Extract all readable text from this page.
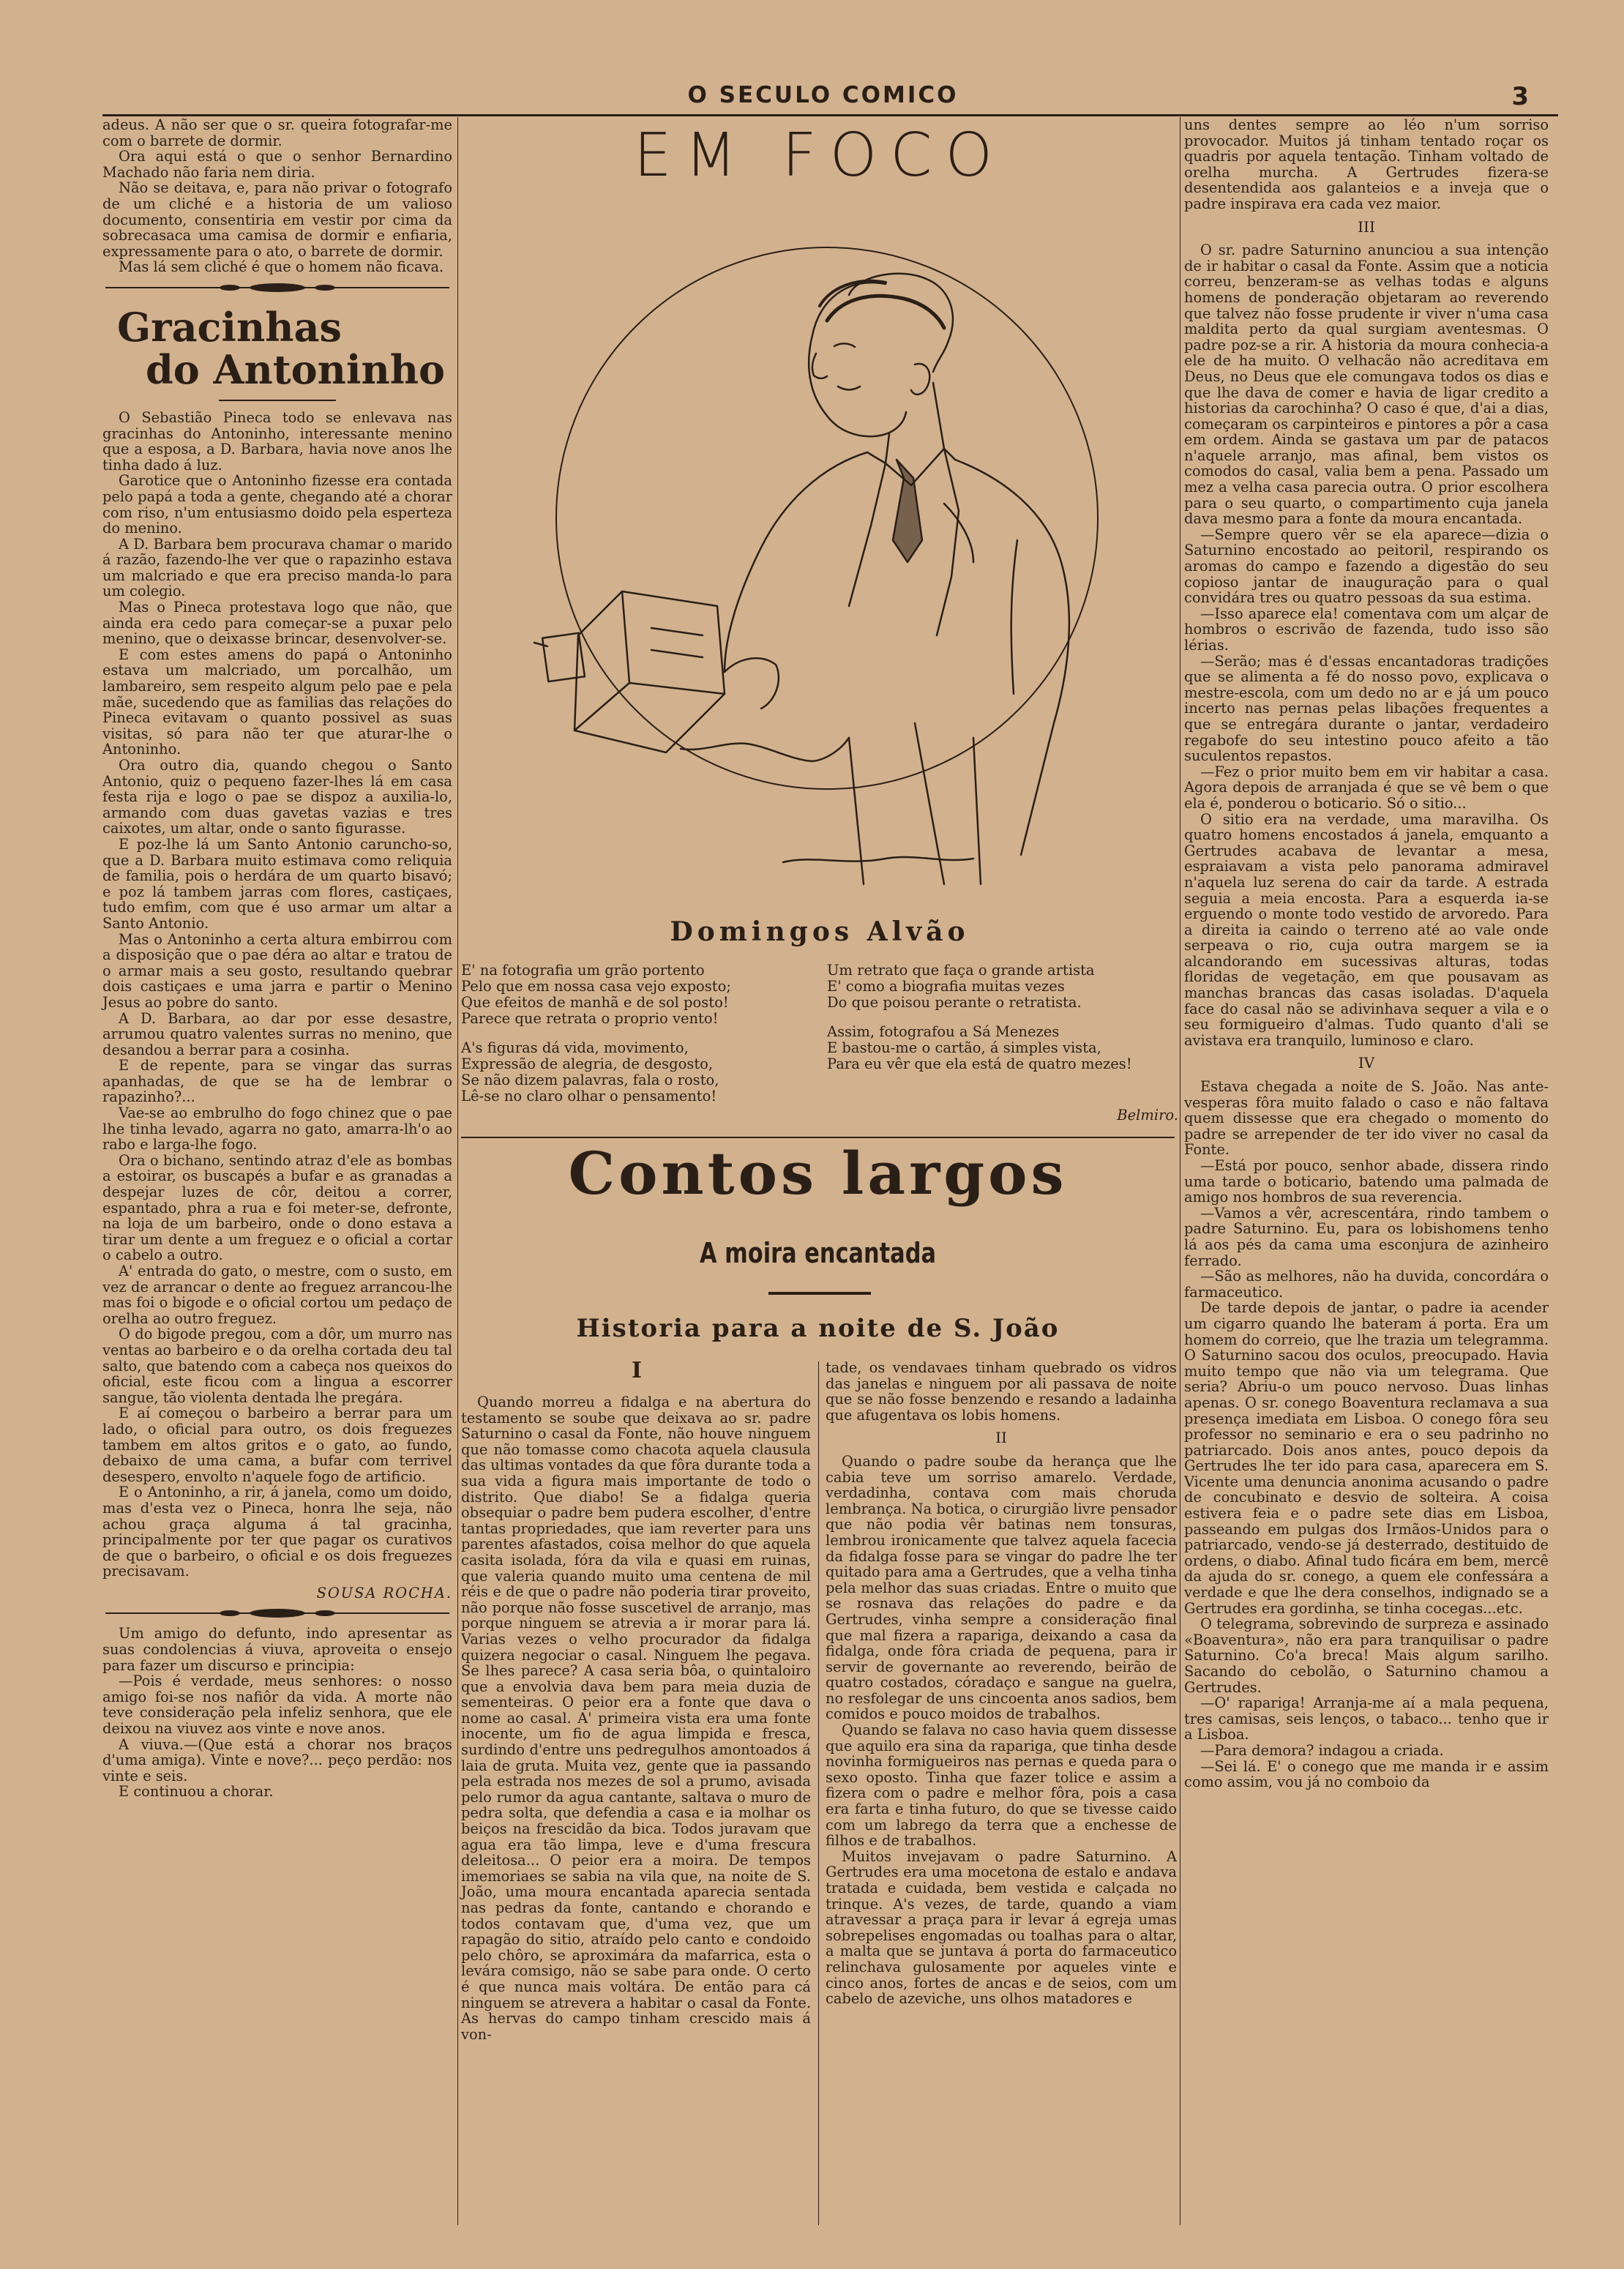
O SECULO COMICO	3

adeus. A não ser que o sr. queira fotografar-me com o barrete de dormir.

Ora aqui está o que o senhor Bernardino Machado não faria nem diria.

Não se deitava, e, para não privar o fotografo de um cliché e a historia de um valioso documento, consentiria em vestir por cima da sobrecasaca uma camisa de dormir e enfiaria, expressamente para o ato, o barrete de dormir.

Mas lá sem cliché é que o homem não ficava.

Gracinhas
do Antoninho

O Sebastião Pineca todo se enlevava nas gracinhas do Antoninho, interessante menino que a esposa, a D. Barbara, havia nove anos lhe tinha dado á luz.

Garotice que o Antoninho fizesse era contada pelo papá a toda a gente, chegando até a chorar com riso, n'um entusiasmo doido pela esperteza do menino.

A D. Barbara bem procurava chamar o marido á razão, fazendo-lhe ver que o rapazinho estava um malcriado e que era preciso manda-lo para um colegio.

Mas o Pineca protestava logo que não, que ainda era cedo para começar-se a puxar pelo menino, que o deixasse brincar, desenvolver-se.

E com estes amens do papá o Antoninho estava um malcriado, um porcalhão, um lambareiro, sem respeito algum pelo pae e pela mãe, sucedendo que as familias das relações do Pineca evitavam o quanto possivel as suas visitas, só para não ter que aturar-lhe o Antoninho.

Ora outro dia, quando chegou o Santo Antonio, quiz o pequeno fazer-lhes lá em casa festa rija e logo o pae se dispoz a auxilia-lo, armando com duas gavetas vazias e tres caixotes, um altar, onde o santo figurasse.

E poz-lhe lá um Santo Antonio caruncho-so, que a D. Barbara muito estimava como reliquia de familia, pois o herdára de um quarto bisavó; e poz lá tambem jarras com flores, castiçaes, tudo emfim, com que é uso armar um altar a Santo Antonio.

Mas o Antoninho a certa altura embirrou com a disposição que o pae déra ao altar e tratou de o armar mais a seu gosto, resultando quebrar dois castiçaes e uma jarra e partir o Menino Jesus ao pobre do santo.

A D. Barbara, ao dar por esse desastre, arrumou quatro valentes surras no menino, que desandou a berrar para a cosinha.

E de repente, para se vingar das surras apanhadas, de que se ha de lembrar o rapazinho?...

Vae-se ao embrulho do fogo chinez que o pae lhe tinha levado, agarra no gato, amarra-lh'o ao rabo e larga-lhe fogo.

Ora o bichano, sentindo atraz d'ele as bombas a estoirar, os buscapés a bufar e as granadas a despejar luzes de côr, deitou a correr, espantado, phra a rua e foi meter-se, defronte, na loja de um barbeiro, onde o dono estava a tirar um dente a um freguez e o oficial a cortar o cabelo a outro.

A' entrada do gato, o mestre, com o susto, em vez de arrancar o dente ao freguez arrancou-lhe mas foi o bigode e o oficial cortou um pedaço de orelha ao outro freguez.

O do bigode pregou, com a dôr, um murro nas ventas ao barbeiro e o da orelha cortada deu tal salto, que batendo com a cabeça nos queixos do oficial, este ficou com a lingua a escorrer sangue, tão violenta dentada lhe pregára.

E aí começou o barbeiro a berrar para um lado, o oficial para outro, os dois freguezes tambem em altos gritos e o gato, ao fundo, debaixo de uma cama, a bufar com terrivel desespero, envolto n'aquele fogo de artificio.

E o Antoninho, a rir, á janela, como um doido, mas d'esta vez o Pineca, honra lhe seja, não achou graça alguma á tal gracinha, principalmente por ter que pagar os curativos de que o barbeiro, o oficial e os dois freguezes precisavam.

SOUSA ROCHA.

Um amigo do defunto, indo apresentar as suas condolencias á viuva, aproveita o ensejo para fazer um discurso e principia:

—Pois é verdade, meus senhores: o nosso amigo foi-se nos nafiôr da vida. A morte não teve consideração pela infeliz senhora, que ele deixou na viuvez aos vinte e nove anos.

A viuva.—(Que está a chorar nos braços d'uma amiga). Vinte e nove?... peço perdão: nos vinte e seis.

E continuou a chorar.

EM FOCO
Domingos Alvão

E' na fotografia um grão portento

Pelo que em nossa casa vejo exposto;

Que efeitos de manhã e de sol posto!

Parece que retrata o proprio vento!

A's figuras dá vida, movimento,

Expressão de alegria, de desgosto,

Se não dizem palavras, fala o rosto,

Lê-se no claro olhar o pensamento!

Um retrato que faça o grande artista

E' como a biografia muitas vezes

Do que poisou perante o retratista.

Assim, fotografou a Sá Menezes

E bastou-me o cartão, á simples vista,

Para eu vêr que ela está de quatro mezes!

Belmiro.
Contos largos
A moira encantada
Historia para a noite de S. João
I

Quando morreu a fidalga e na abertura do testamento se soube que deixava ao sr. padre Saturnino o casal da Fonte, não houve ninguem que não tomasse como chacota aquela clausula das ultimas vontades da que fôra durante toda a sua vida a figura mais importante de todo o distrito. Que diabo! Se a fidalga queria obsequiar o padre bem pudera escolher, d'entre tantas propriedades, que iam reverter para uns parentes afastados, coisa melhor do que aquela casita isolada, fóra da vila e quasi em ruinas, que valeria quando muito uma centena de mil réis e de que o padre não poderia tirar proveito, não porque não fosse suscetivel de arranjo, mas porque ninguem se atrevia a ir morar para lá. Varias vezes o velho procurador da fidalga quizera negociar o casal. Ninguem lhe pegava. Se lhes parece? A casa seria bôa, o quintaloiro que a envolvia dava bem para meia duzia de sementeiras. O peior era a fonte que dava o nome ao casal. A' primeira vista era uma fonte inocente, um fio de agua limpida e fresca, surdindo d'entre uns pedregulhos amontoados á laia de gruta. Muita vez, gente que ia passando pela estrada nos mezes de sol a prumo, avisada pelo rumor da agua cantante, saltava o muro de pedra solta, que defendia a casa e ia molhar os beiços na frescidão da bica. Todos juravam que agua era tão limpa, leve e d'uma frescura deleitosa... O peior era a moira. De tempos imemoriaes se sabia na vila que, na noite de S. João, uma moura encantada aparecia sentada nas pedras da fonte, cantando e chorando e todos contavam que, d'uma vez, que um rapagão do sitio, atraído pelo canto e condoido pelo chôro, se aproximára da mafarrica, esta o levára comsigo, não se sabe para onde. O certo é que nunca mais voltára. De então para cá ninguem se atrevera a habitar o casal da Fonte. As hervas do campo tinham crescido mais á von-

tade, os vendavaes tinham quebrado os vidros das janelas e ninguem por ali passava de noite que se não fosse benzendo e resando a ladainha que afugentava os lobis homens.

II

Quando o padre soube da herança que lhe cabia teve um sorriso amarelo. Verdade, verdadinha, contava com mais choruda lembrança. Na botica, o cirurgião livre pensador que não podia vêr batinas nem tonsuras, lembrou ironicamente que talvez aquela facecia da fidalga fosse para se vingar do padre lhe ter quitado para ama a Gertrudes, que a velha tinha pela melhor das suas criadas. Entre o muito que se rosnava das relações do padre e da Gertrudes, vinha sempre a consideração final que mal fizera a rapariga, deixando a casa da fidalga, onde fôra criada de pequena, para ir servir de governante ao reverendo, beirão de quatro costados, córadaço e sangue na guelra, no resfolegar de uns cincoenta anos sadios, bem comidos e pouco moidos de trabalhos.

Quando se falava no caso havia quem dissesse que aquilo era sina da rapariga, que tinha desde novinha formigueiros nas pernas e queda para o sexo oposto. Tinha que fazer tolice e assim a fizera com o padre e melhor fôra, pois a casa era farta e tinha futuro, do que se tivesse caido com um labrego da terra que a enchesse de filhos e de trabalhos.

Muitos invejavam o padre Saturnino. A Gertrudes era uma mocetona de estalo e andava tratada e cuidada, bem vestida e calçada no trinque. A's vezes, de tarde, quando a viam atravessar a praça para ir levar á egreja umas sobrepelises engomadas ou toalhas para o altar, a malta que se juntava á porta do farmaceutico relinchava gulosamente por aqueles vinte e cinco anos, fortes de ancas e de seios, com um cabelo de azeviche, uns olhos matadores e

uns dentes sempre ao léo n'um sorriso provocador. Muitos já tinham tentado roçar os quadris por aquela tentação. Tinham voltado de orelha murcha. A Gertrudes fizera-se desentendida aos galanteios e a inveja que o padre inspirava era cada vez maior.

III

O sr. padre Saturnino anunciou a sua intenção de ir habitar o casal da Fonte. Assim que a noticia correu, benzeram-se as velhas todas e alguns homens de ponderação objetaram ao reverendo que talvez não fosse prudente ir viver n'uma casa maldita perto da qual surgiam aventesmas. O padre poz-se a rir. A historia da moura conhecia-a ele de ha muito. O velhacão não acreditava em Deus, no Deus que ele comungava todos os dias e que lhe dava de comer e havia de ligar credito a historias da carochinha? O caso é que, d'ai a dias, começaram os carpinteiros e pintores a pôr a casa em ordem. Ainda se gastava um par de patacos n'aquele arranjo, mas afinal, bem vistos os comodos do casal, valia bem a pena. Passado um mez a velha casa parecia outra. O prior escolhera para o seu quarto, o compartimento cuja janela dava mesmo para a fonte da moura encantada.

—Sempre quero vêr se ela aparece—dizia o Saturnino encostado ao peitoril, respirando os aromas do campo e fazendo a digestão do seu copioso jantar de inauguração para o qual convidára tres ou quatro pessoas da sua estima.

—Isso aparece ela! comentava com um alçar de hombros o escrivão de fazenda, tudo isso são lérias.

—Serão; mas é d'essas encantadoras tradições que se alimenta a fé do nosso povo, explicava o mestre-escola, com um dedo no ar e já um pouco incerto nas pernas pelas libações frequentes a que se entregára durante o jantar, verdadeiro regabofe do seu intestino pouco afeito a tão suculentos repastos.

—Fez o prior muito bem em vir habitar a casa. Agora depois de arranjada é que se vê bem o que ela é, ponderou o boticario. Só o sitio...

O sitio era na verdade, uma maravilha. Os quatro homens encostados á janela, emquanto a Gertrudes acabava de levantar a mesa, espraiavam a vista pelo panorama admiravel n'aquela luz serena do cair da tarde. A estrada seguia a meia encosta. Para a esquerda ia-se erguendo o monte todo vestido de arvoredo. Para a direita ia caindo o terreno até ao vale onde serpeava o rio, cuja outra margem se ia alcandorando em sucessivas alturas, todas floridas de vegetação, em que pousavam as manchas brancas das casas isoladas. D'aquela face do casal não se adivinhava sequer a vila e o seu formigueiro d'almas. Tudo quanto d'ali se avistava era tranquilo, luminoso e claro.

IV

Estava chegada a noite de S. João. Nas ante-vesperas fôra muito falado o caso e não faltava quem dissesse que era chegado o momento do padre se arrepender de ter ido viver no casal da Fonte.

—Está por pouco, senhor abade, dissera rindo uma tarde o boticario, batendo uma palmada de amigo nos hombros de sua reverencia.

—Vamos a vêr, acrescentára, rindo tambem o padre Saturnino. Eu, para os lobishomens tenho lá aos pés da cama uma esconjura de azinheiro ferrado.

—São as melhores, não ha duvida, concordára o farmaceutico.

De tarde depois de jantar, o padre ia acender um cigarro quando lhe bateram á porta. Era um homem do correio, que lhe trazia um telegramma. O Saturnino sacou dos oculos, preocupado. Havia muito tempo que não via um telegrama. Que seria? Abriu-o um pouco nervoso. Duas linhas apenas. O sr. conego Boaventura reclamava a sua presença imediata em Lisboa. O conego fôra seu professor no seminario e era o seu padrinho no patriarcado. Dois anos antes, pouco depois da Gertrudes lhe ter ido para casa, aparecera em S. Vicente uma denuncia anonima acusando o padre de concubinato e desvio de solteira. A coisa estivera feia e o padre sete dias em Lisboa, passeando em pulgas dos Irmãos-Unidos para o patriarcado, vendo-se já desterrado, destituido de ordens, o diabo. Afinal tudo ficára em bem, mercê da ajuda do sr. conego, a quem ele confessára a verdade e que lhe dera conselhos, indignado se a Gertrudes era gordinha, se tinha cocegas...etc.

O telegrama, sobrevindo de surpreza e assinado «Boaventura», não era para tranquilisar o padre Saturnino. Co'a breca! Mais algum sarilho. Sacando do cebolão, o Saturnino chamou a Gertrudes.

—O' rapariga! Arranja-me aí a mala pequena, tres camisas, seis lenços, o tabaco... tenho que ir a Lisboa.

—Para demora? indagou a criada.

—Sei lá. E' o conego que me manda ir e assim como assim, vou já no comboio da
